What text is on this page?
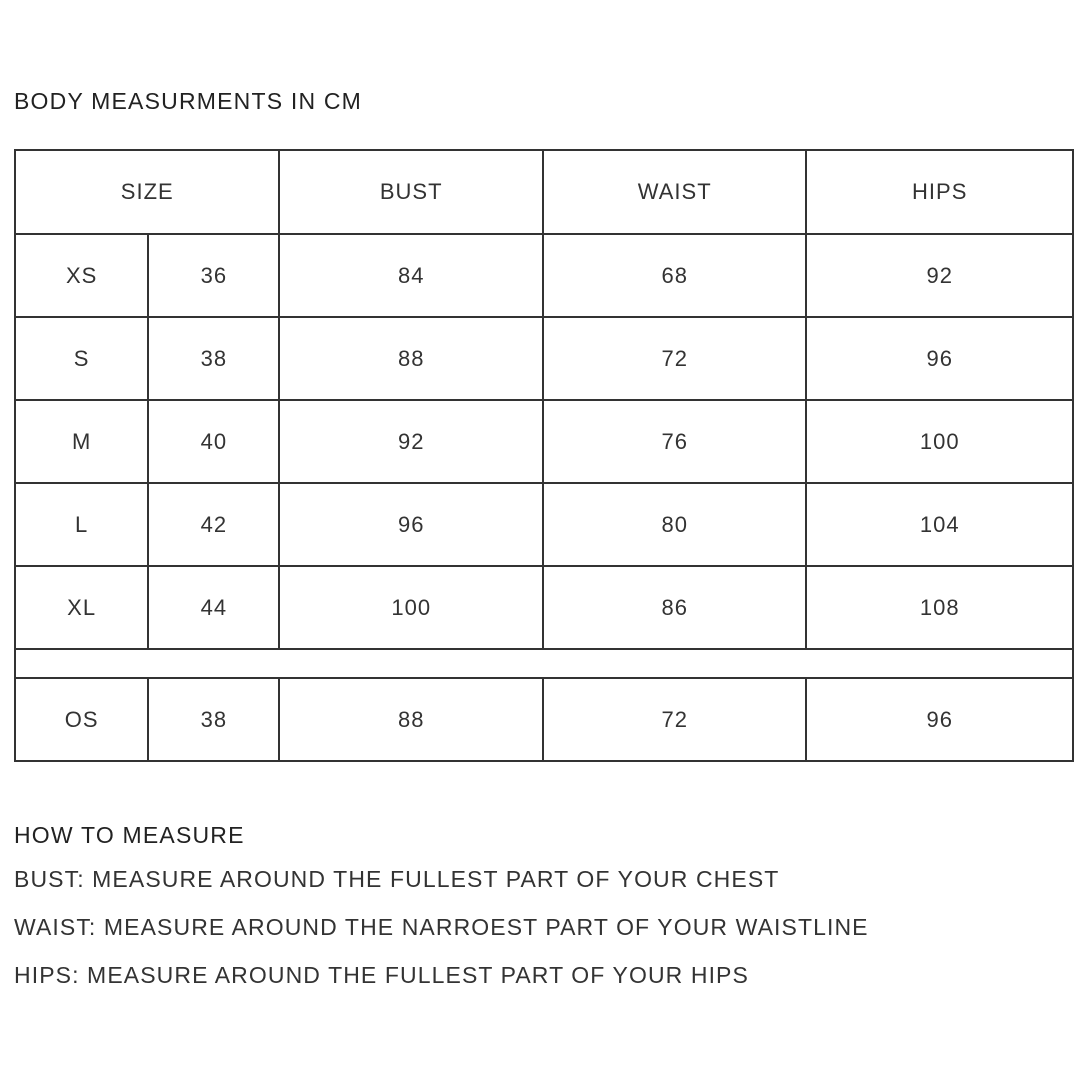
BODY MEASURMENTS IN CM
SIZE		BUST	WAIST	HIPS
XS	36	84	68	92
S	38	88	72	96
M	40	92	76	100
L	42	96	80	104
XL	44	100	86	108

OS	38	88	72	96

HOW TO MEASURE

BUST: MEASURE AROUND THE FULLEST PART OF YOUR CHEST

WAIST: MEASURE AROUND THE NARROEST PART OF YOUR WAISTLINE

HIPS: MEASURE AROUND THE FULLEST PART OF YOUR HIPS
